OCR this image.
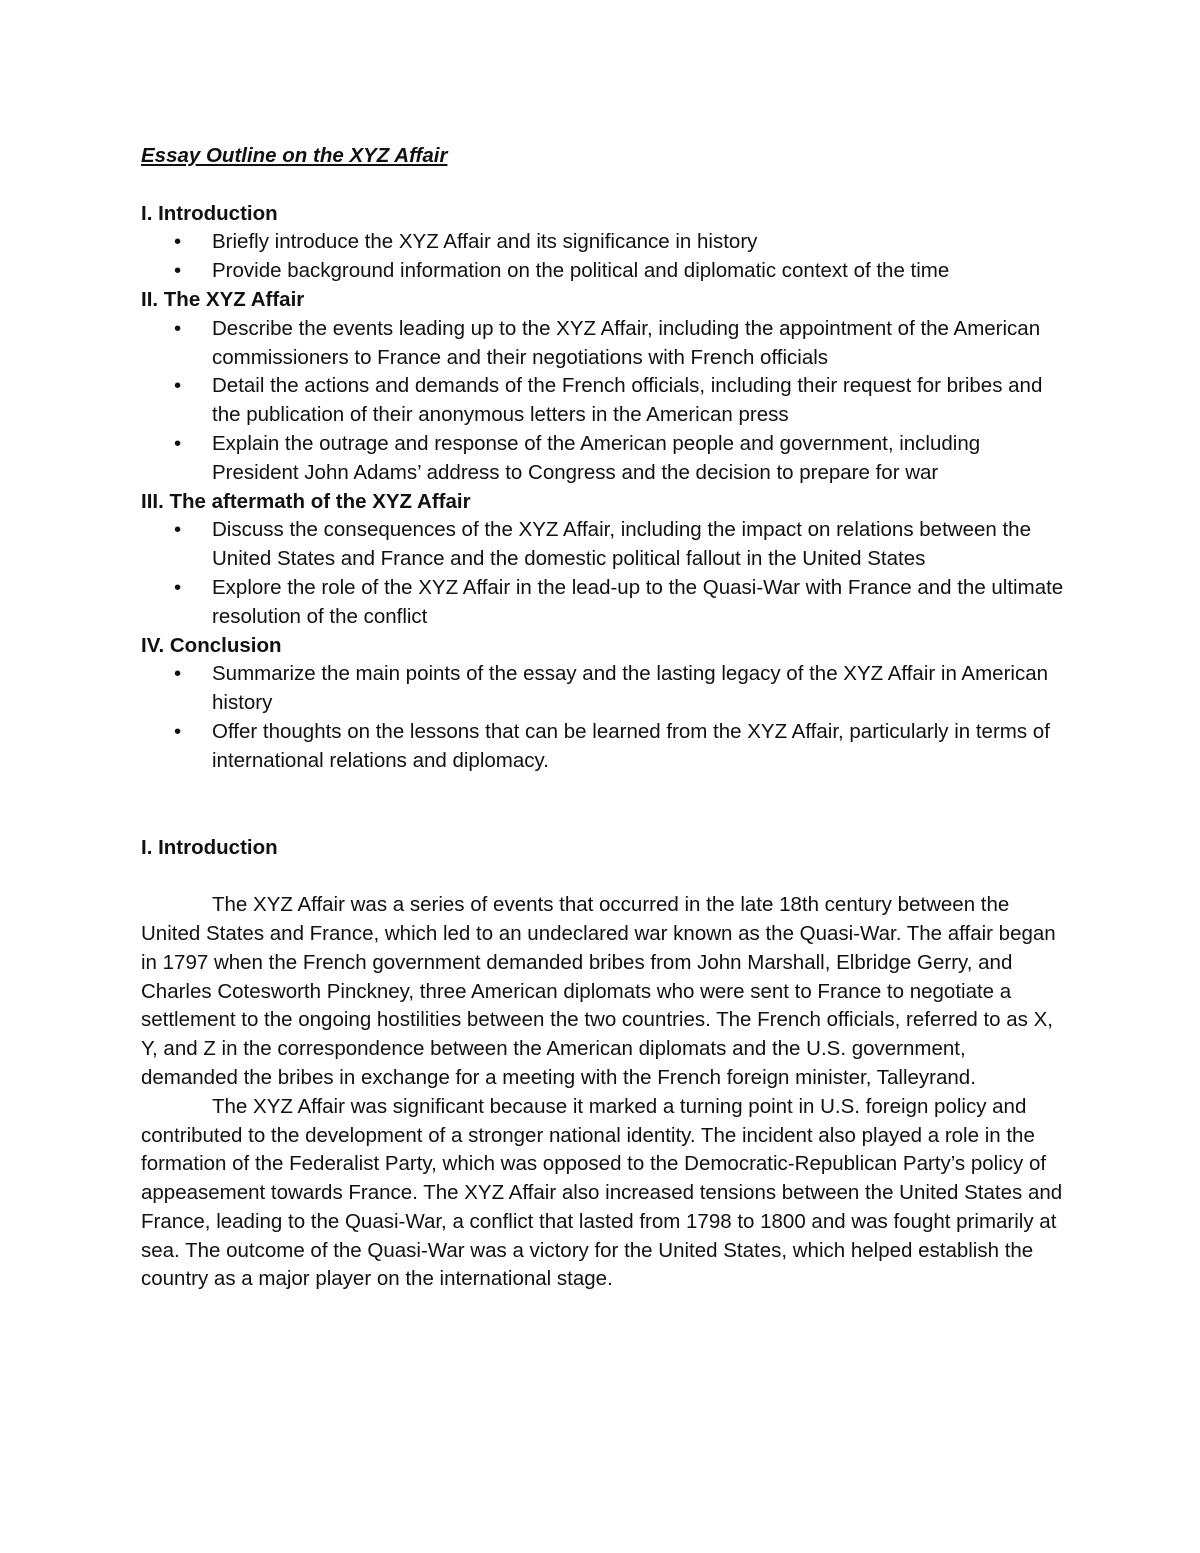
Essay Outline on the XYZ Affair

I. Introduction

• Briefly introduce the XYZ Affair and its significance in history
• Provide background information on the political and diplomatic context of the time

II. The XYZ Affair

• Describe the events leading up to the XYZ Affair, including the appointment of the American commissioners to France and their negotiations with French officials
• Detail the actions and demands of the French officials, including their request for bribes and the publication of their anonymous letters in the American press
• Explain the outrage and response of the American people and government, including President John Adams’ address to Congress and the decision to prepare for war

III. The aftermath of the XYZ Affair

• Discuss the consequences of the XYZ Affair, including the impact on relations between the United States and France and the domestic political fallout in the United States
• Explore the role of the XYZ Affair in the lead-up to the Quasi-War with France and the ultimate resolution of the conflict

IV. Conclusion

• Summarize the main points of the essay and the lasting legacy of the XYZ Affair in American history
• Offer thoughts on the lessons that can be learned from the XYZ Affair, particularly in terms of international relations and diplomacy.

I. Introduction

The XYZ Affair was a series of events that occurred in the late 18th century between the United States and France, which led to an undeclared war known as the Quasi-War. The affair began in 1797 when the French government demanded bribes from John Marshall, Elbridge Gerry, and Charles Cotesworth Pinckney, three American diplomats who were sent to France to negotiate a settlement to the ongoing hostilities between the two countries. The French officials, referred to as X, Y, and Z in the correspondence between the American diplomats and the U.S. government, demanded the bribes in exchange for a meeting with the French foreign minister, Talleyrand.

The XYZ Affair was significant because it marked a turning point in U.S. foreign policy and contributed to the development of a stronger national identity. The incident also played a role in the formation of the Federalist Party, which was opposed to the Democratic-Republican Party’s policy of appeasement towards France. The XYZ Affair also increased tensions between the United States and France, leading to the Quasi-War, a conflict that lasted from 1798 to 1800 and was fought primarily at sea. The outcome of the Quasi-War was a victory for the United States, which helped establish the country as a major player on the international stage.
